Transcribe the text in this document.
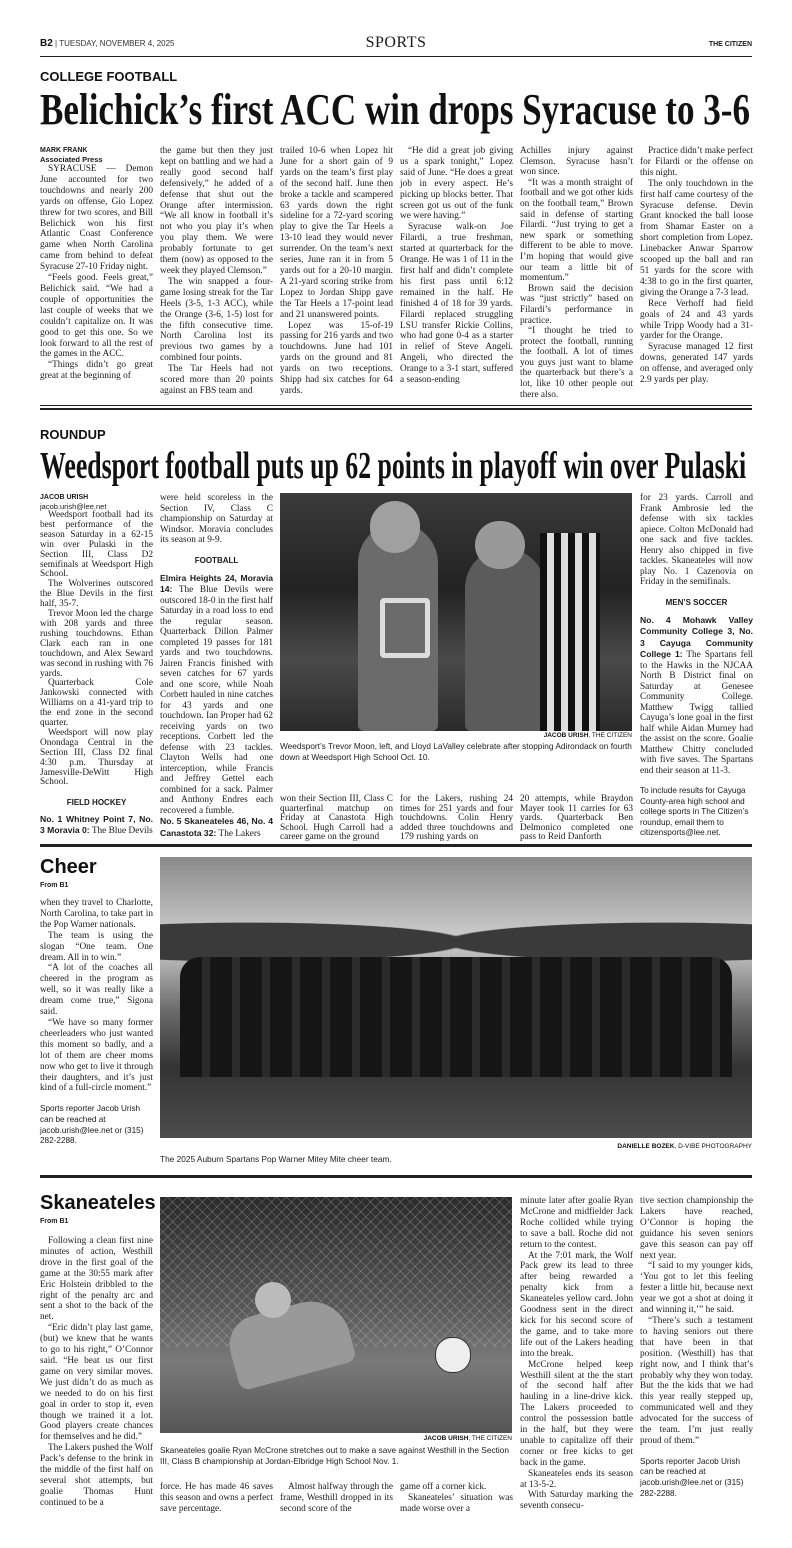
B2 | TUESDAY, NOVEMBER 4, 2025	SPORTS	THE CITIZEN
COLLEGE FOOTBALL
Belichick’s first ACC win drops Syracuse to 3-6
MARK FRANK
Associated Press

SYRACUSE — Demon June accounted for two touchdowns and nearly 200 yards on offense, Gio Lopez threw for two scores, and Bill Belichick won his first Atlantic Coast Conference game when North Carolina came from behind to defeat Syracuse 27-10 Friday night.

“Feels good. Feels great,” Belichick said. “We had a couple of opportunities the last couple of weeks that we couldn’t capitalize on. It was good to get this one. So we look forward to all the rest of the games in the ACC.

“Things didn’t go great great at the beginning of

the game but then they just kept on battling and we had a really good second half defensively,” he added of a defense that shut out the Orange after intermission. “We all know in football it’s not who you play it’s when you play them. We were probably fortunate to get them (now) as opposed to the week they played Clemson.”

The win snapped a four-game losing streak for the Tar Heels (3-5, 1-3 ACC), while the Orange (3-6, 1-5) lost for the fifth consecutive time. North Carolina lost its previous two games by a combined four points.

The Tar Heels had not scored more than 20 points against an FBS team and

trailed 10-6 when Lopez hit June for a short gain of 9 yards on the team’s first play of the second half. June then broke a tackle and scampered 63 yards down the right sideline for a 72-yard scoring play to give the Tar Heels a 13-10 lead they would never surrender. On the team’s next series, June ran it in from 5 yards out for a 20-10 margin. A 21-yard scoring strike from Lopez to Jordan Shipp gave the Tar Heels a 17-point lead and 21 unanswered points.

Lopez was 15-of-19 passing for 216 yards and two touchdowns. June had 101 yards on the ground and 81 yards on two receptions. Shipp had six catches for 64 yards.

“He did a great job giving us a spark tonight,” Lopez said of June. “He does a great job in every aspect. He’s picking up blocks better. That screen got us out of the funk we were having.”

Syracuse walk-on Joe Filardi, a true freshman, started at quarterback for the Orange. He was 1 of 11 in the first half and didn’t complete his first pass until 6:12 remained in the half. He finished 4 of 18 for 39 yards. Filardi replaced struggling LSU transfer Rickie Collins, who had gone 0-4 as a starter in relief of Steve Angeli. Angeli, who directed the Orange to a 3-1 start, suffered a season-ending

Achilles injury against Clemson. Syracuse hasn’t won since.

“It was a month straight of football and we got other kids on the football team,” Brown said in defense of starting Filardi. “Just trying to get a new spark or something different to be able to move. I’m hoping that would give our team a little bit of momentum.”

Brown said the decision was “just strictly” based on Filardi’s performance in practice.

“I thought he tried to protect the football, running the football. A lot of times you guys just want to blame the quarterback but there’s a lot, like 10 other people out there also.

Practice didn’t make perfect for Filardi or the offense on this night.

The only touchdown in the first half came courtesy of the Syracuse defense. Devin Grant knocked the ball loose from Shamar Easter on a short completion from Lopez. Linebacker Anwar Sparrow scooped up the ball and ran 51 yards for the score with 4:38 to go in the first quarter, giving the Orange a 7-3 lead.

Rece Verhoff had field goals of 24 and 43 yards while Tripp Woody had a 31-yarder for the Orange.

Syracuse managed 12 first downs, generated 147 yards on offense, and averaged only 2.9 yards per play.

ROUNDUP
Weedsport football puts up 62 points in playoff win over Pulaski
JACOB URISH
jacob.urish@lee.net

Weedsport football had its best performance of the season Saturday in a 62-15 win over Pulaski in the Section III, Class D2 semifinals at Weedsport High School.

The Wolverines outscored the Blue Devils in the first half, 35-7.

Trevor Moon led the charge with 208 yards and three rushing touchdowns. Ethan Clark each ran in one touchdown, and Alex Seward was second in rushing with 76 yards.

Quarterback Cole Jankowski connected with Williams on a 41-yard trip to the end zone in the second quarter.

Weedsport will now play Onondaga Central in the Section III, Class D2 final 4:30 p.m. Thursday at Jamesville-DeWitt High School.

FIELD HOCKEY

No. 1 Whitney Point 7, No. 3 Moravia 0: The Blue Devils

were held scoreless in the Section IV, Class C championship on Saturday at Windsor. Moravia concludes its season at 9-9.

FOOTBALL

Elmira Heights 24, Moravia 14: The Blue Devils were outscored 18-0 in the first half Saturday in a road loss to end the regular season. Quarterback Dillon Palmer completed 19 passes for 181 yards and two touchdowns. Jairen Francis finished with seven catches for 67 yards and one score, while Noah Corbett hauled in nine catches for 43 yards and one touchdown. Ian Proper had 62 receiving yards on two receptions. Corbett led the defense with 23 tackles. Clayton Wells had one interception, while Francis and Jeffrey Gettel each combined for a sack. Palmer and Anthony Endres each recovered a fumble.

No. 5 Skaneateles 46, No. 4 Canastota 32: The Lakers

JACOB URISH, THE CITIZEN
Weedsport’s Trevor Moon, left, and Lloyd LaValley celebrate after stopping Adirondack on fourth down at Weedsport High School Oct. 10.

won their Section III, Class C quarterfinal matchup on Friday at Canastota High School. Hugh Carroll had a career game on the ground

for the Lakers, rushing 24 times for 251 yards and four touchdowns. Colin Henry added three touchdowns and 179 rushing yards on

20 attempts, while Braydon Mayer took 11 carries for 63 yards. Quarterback Ben Delmonico completed one pass to Reid Danforth

for 23 yards. Carroll and Frank Ambrosie led the defense with six tackles apiece. Colton McDonald had one sack and five tackles. Henry also chipped in five tackles. Skaneateles will now play No. 1 Cazenovia on Friday in the semifinals.

MEN’S SOCCER

No. 4 Mohawk Valley Community College 3, No. 3 Cayuga Community College 1: The Spartans fell to the Hawks in the NJCAA North B District final on Saturday at Genesee Community College. Matthew Twigg tallied Cayuga’s lone goal in the first half while Aidan Murney had the assist on the score. Goalie Matthew Chitty concluded with five saves. The Spartans end their season at 11-3.

To include results for Cayuga County-area high school and college sports in The Citizen’s roundup, email them to citizensports@lee.net.
Cheer
From B1

when they travel to Charlotte, North Carolina, to take part in the Pop Warner nationals.

The team is using the slogan “One team. One dream. All in to win.”

“A lot of the coaches all cheered in the program as well, so it was really like a dream come true,” Sigona said.

“We have so many former cheerleaders who just wanted this moment so badly, and a lot of them are cheer moms now who get to live it through their daughters, and it’s just kind of a full-circle moment.”

Sports reporter Jacob Urish can be reached at jacob.urish@lee.net or (315) 282-2288.
DANIELLE BOZEK, D-VIBE PHOTOGRAPHY
The 2025 Auburn Spartans Pop Warner Mitey Mite cheer team.
Skaneateles
From B1

Following a clean first nine minutes of action, Westhill drove in the first goal of the game at the 30:55 mark after Eric Holstein dribbled to the right of the penalty arc and sent a shot to the back of the net.

“Eric didn’t play last game, (but) we knew that he wants to go to his right,” O’Connor said. “He beat us our first game on very similar moves. We just didn’t do as much as we needed to do on his first goal in order to stop it, even though we trained it a lot. Good players create chances for themselves and he did.”

The Lakers pushed the Wolf Pack’s defense to the brink in the middle of the first half on several shot attempts, but goalie Thomas Hunt continued to be a

JACOB URISH, THE CITIZEN
Skaneateles goalie Ryan McCrone stretches out to make a save against Westhill in the Section III, Class B championship at Jordan-Elbridge High School Nov. 1.

force. He has made 46 saves this season and owns a perfect save percentage.

Almost halfway through the frame, Westhill dropped in its second score of the

game off a corner kick.

Skaneateles’ situation was made worse over a

minute later after goalie Ryan McCrone and midfielder Jack Roche collided while trying to save a ball. Roche did not return to the contest.

At the 7:01 mark, the Wolf Pack grew its lead to three after being rewarded a penalty kick from a Skaneateles yellow card. John Goodness sent in the direct kick for his second score of the game, and to take more life out of the Lakers heading into the break.

McCrone helped keep Westhill silent at the the start of the second half after hauling in a line-drive kick. The Lakers proceeded to control the possession battle in the half, but they were unable to capitalize off their corner or free kicks to get back in the game.

Skaneateles ends its season at 13-5-2.

With Saturday marking the seventh consecu-

tive section championship the Lakers have reached, O’Connor is hoping the guidance his seven seniors gave this season can pay off next year.

“I said to my younger kids, ‘You got to let this feeling fester a little bit, because next year we got a shot at doing it and winning it,’” he said.

“There’s such a testament to having seniors out there that have been in that position. (Westhill) has that right now, and I think that’s probably why they won today. But the the kids that we had this year really stepped up, communicated well and they advocated for the success of the team. I’m just really proud of them.”

Sports reporter Jacob Urish can be reached at jacob.urish@lee.net or (315) 282-2288.
